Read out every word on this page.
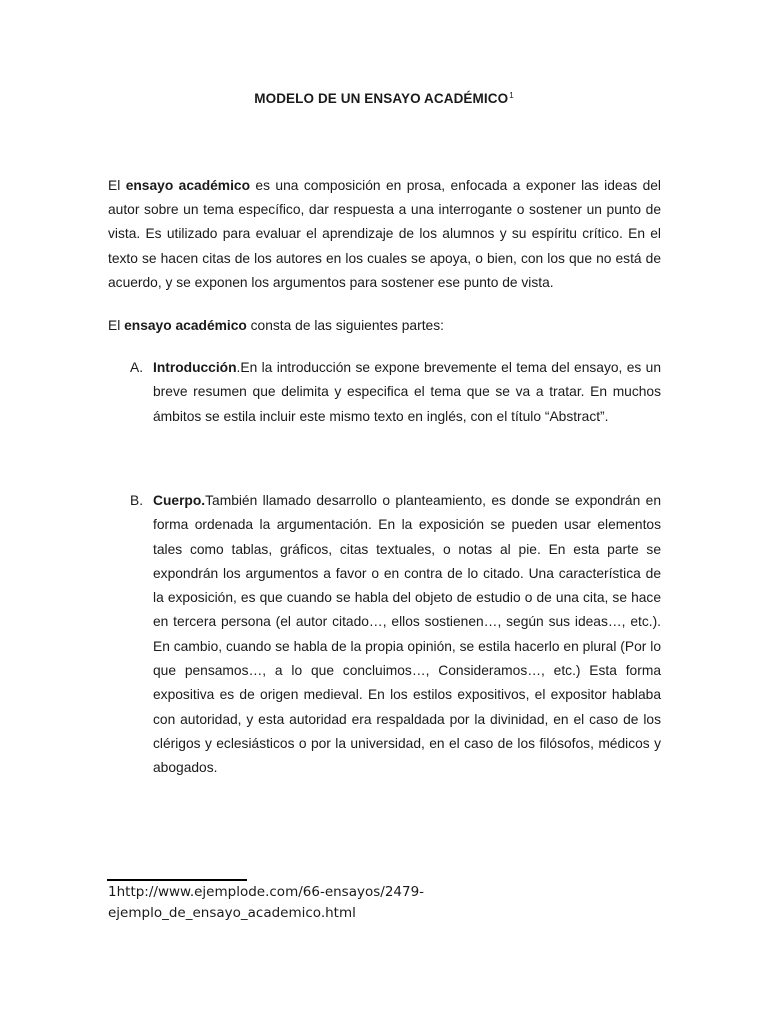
MODELO DE UN ENSAYO ACADÉMICO$^1$

El ensayo académico es una composición en prosa, enfocada a exponer las ideas del autor sobre un tema específico, dar respuesta a una interrogante o sostener un punto de vista. Es utilizado para evaluar el aprendizaje de los alumnos y su espíritu crítico. En el texto se hacen citas de los autores en los cuales se apoya, o bien, con los que no está de acuerdo, y se exponen los argumentos para sostener ese punto de vista.

El ensayo académico consta de las siguientes partes:

A. Introducción.En la introducción se expone brevemente el tema del ensayo, es un breve resumen que delimita y especifica el tema que se va a tratar. En muchos ámbitos se estila incluir este mismo texto en inglés, con el título “Abstract”.

B. Cuerpo.También llamado desarrollo o planteamiento, es donde se expondrán en forma ordenada la argumentación. En la exposición se pueden usar elementos tales como tablas, gráficos, citas textuales, o notas al pie. En esta parte se expondrán los argumentos a favor o en contra de lo citado. Una característica de la exposición, es que cuando se habla del objeto de estudio o de una cita, se hace en tercera persona (el autor citado…, ellos sostienen…, según sus ideas…, etc.). En cambio, cuando se habla de la propia opinión, se estila hacerlo en plural (Por lo que pensamos…, a lo que concluimos…, Consideramos…, etc.) Esta forma expositiva es de origen medieval. En los estilos expositivos, el expositor hablaba con autoridad, y esta autoridad era respaldada por la divinidad, en el caso de los clérigos y eclesiásticos o por la universidad, en el caso de los filósofos, médicos y abogados.

1http://www.ejemplode.com/66-ensayos/2479-ejemplo_de_ensayo_academico.html
